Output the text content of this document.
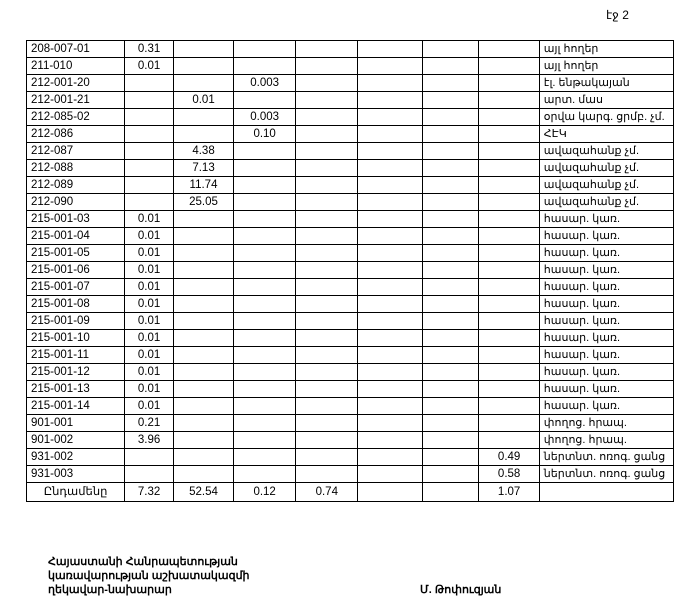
էջ 2
208-007-01	0.31							այլ հողեր
211-010	0.01							այլ հողեր
212-001-20			0.003					էլ. ենթակայան
212-001-21		0.01						արտ. մաս
212-085-02			0.003					օրվա կարգ. ցրմբ. չմ.
212-086			0.10					ՀԷԿ
212-087		4.38						ավազահանք չմ.
212-088		7.13						ավազահանք չմ.
212-089		11.74						ավազահանք չմ.
212-090		25.05						ավազահանք չմ.
215-001-03	0.01							հասար. կառ.
215-001-04	0.01							հասար. կառ.
215-001-05	0.01							հասար. կառ.
215-001-06	0.01							հասար. կառ.
215-001-07	0.01							հասար. կառ.
215-001-08	0.01							հասար. կառ.
215-001-09	0.01							հասար. կառ.
215-001-10	0.01							հասար. կառ.
215-001-11	0.01							հասար. կառ.
215-001-12	0.01							հասար. կառ.
215-001-13	0.01							հասար. կառ.
215-001-14	0.01							հասար. կառ.
901-001	0.21							փողոց. հրապ.
901-002	3.96							փողոց. հրապ.
931-002							0.49	ներտնտ. ոռոգ. ցանց
931-003							0.58	ներտնտ. ոռոգ. ցանց
Ընդամենը	7.32	52.54	0.12	0.74			1.07	
Հայաստանի Հանրապետության
կառավարության աշխատակազմի
ղեկավար-նախարար	Մ. Թոփուզյան
